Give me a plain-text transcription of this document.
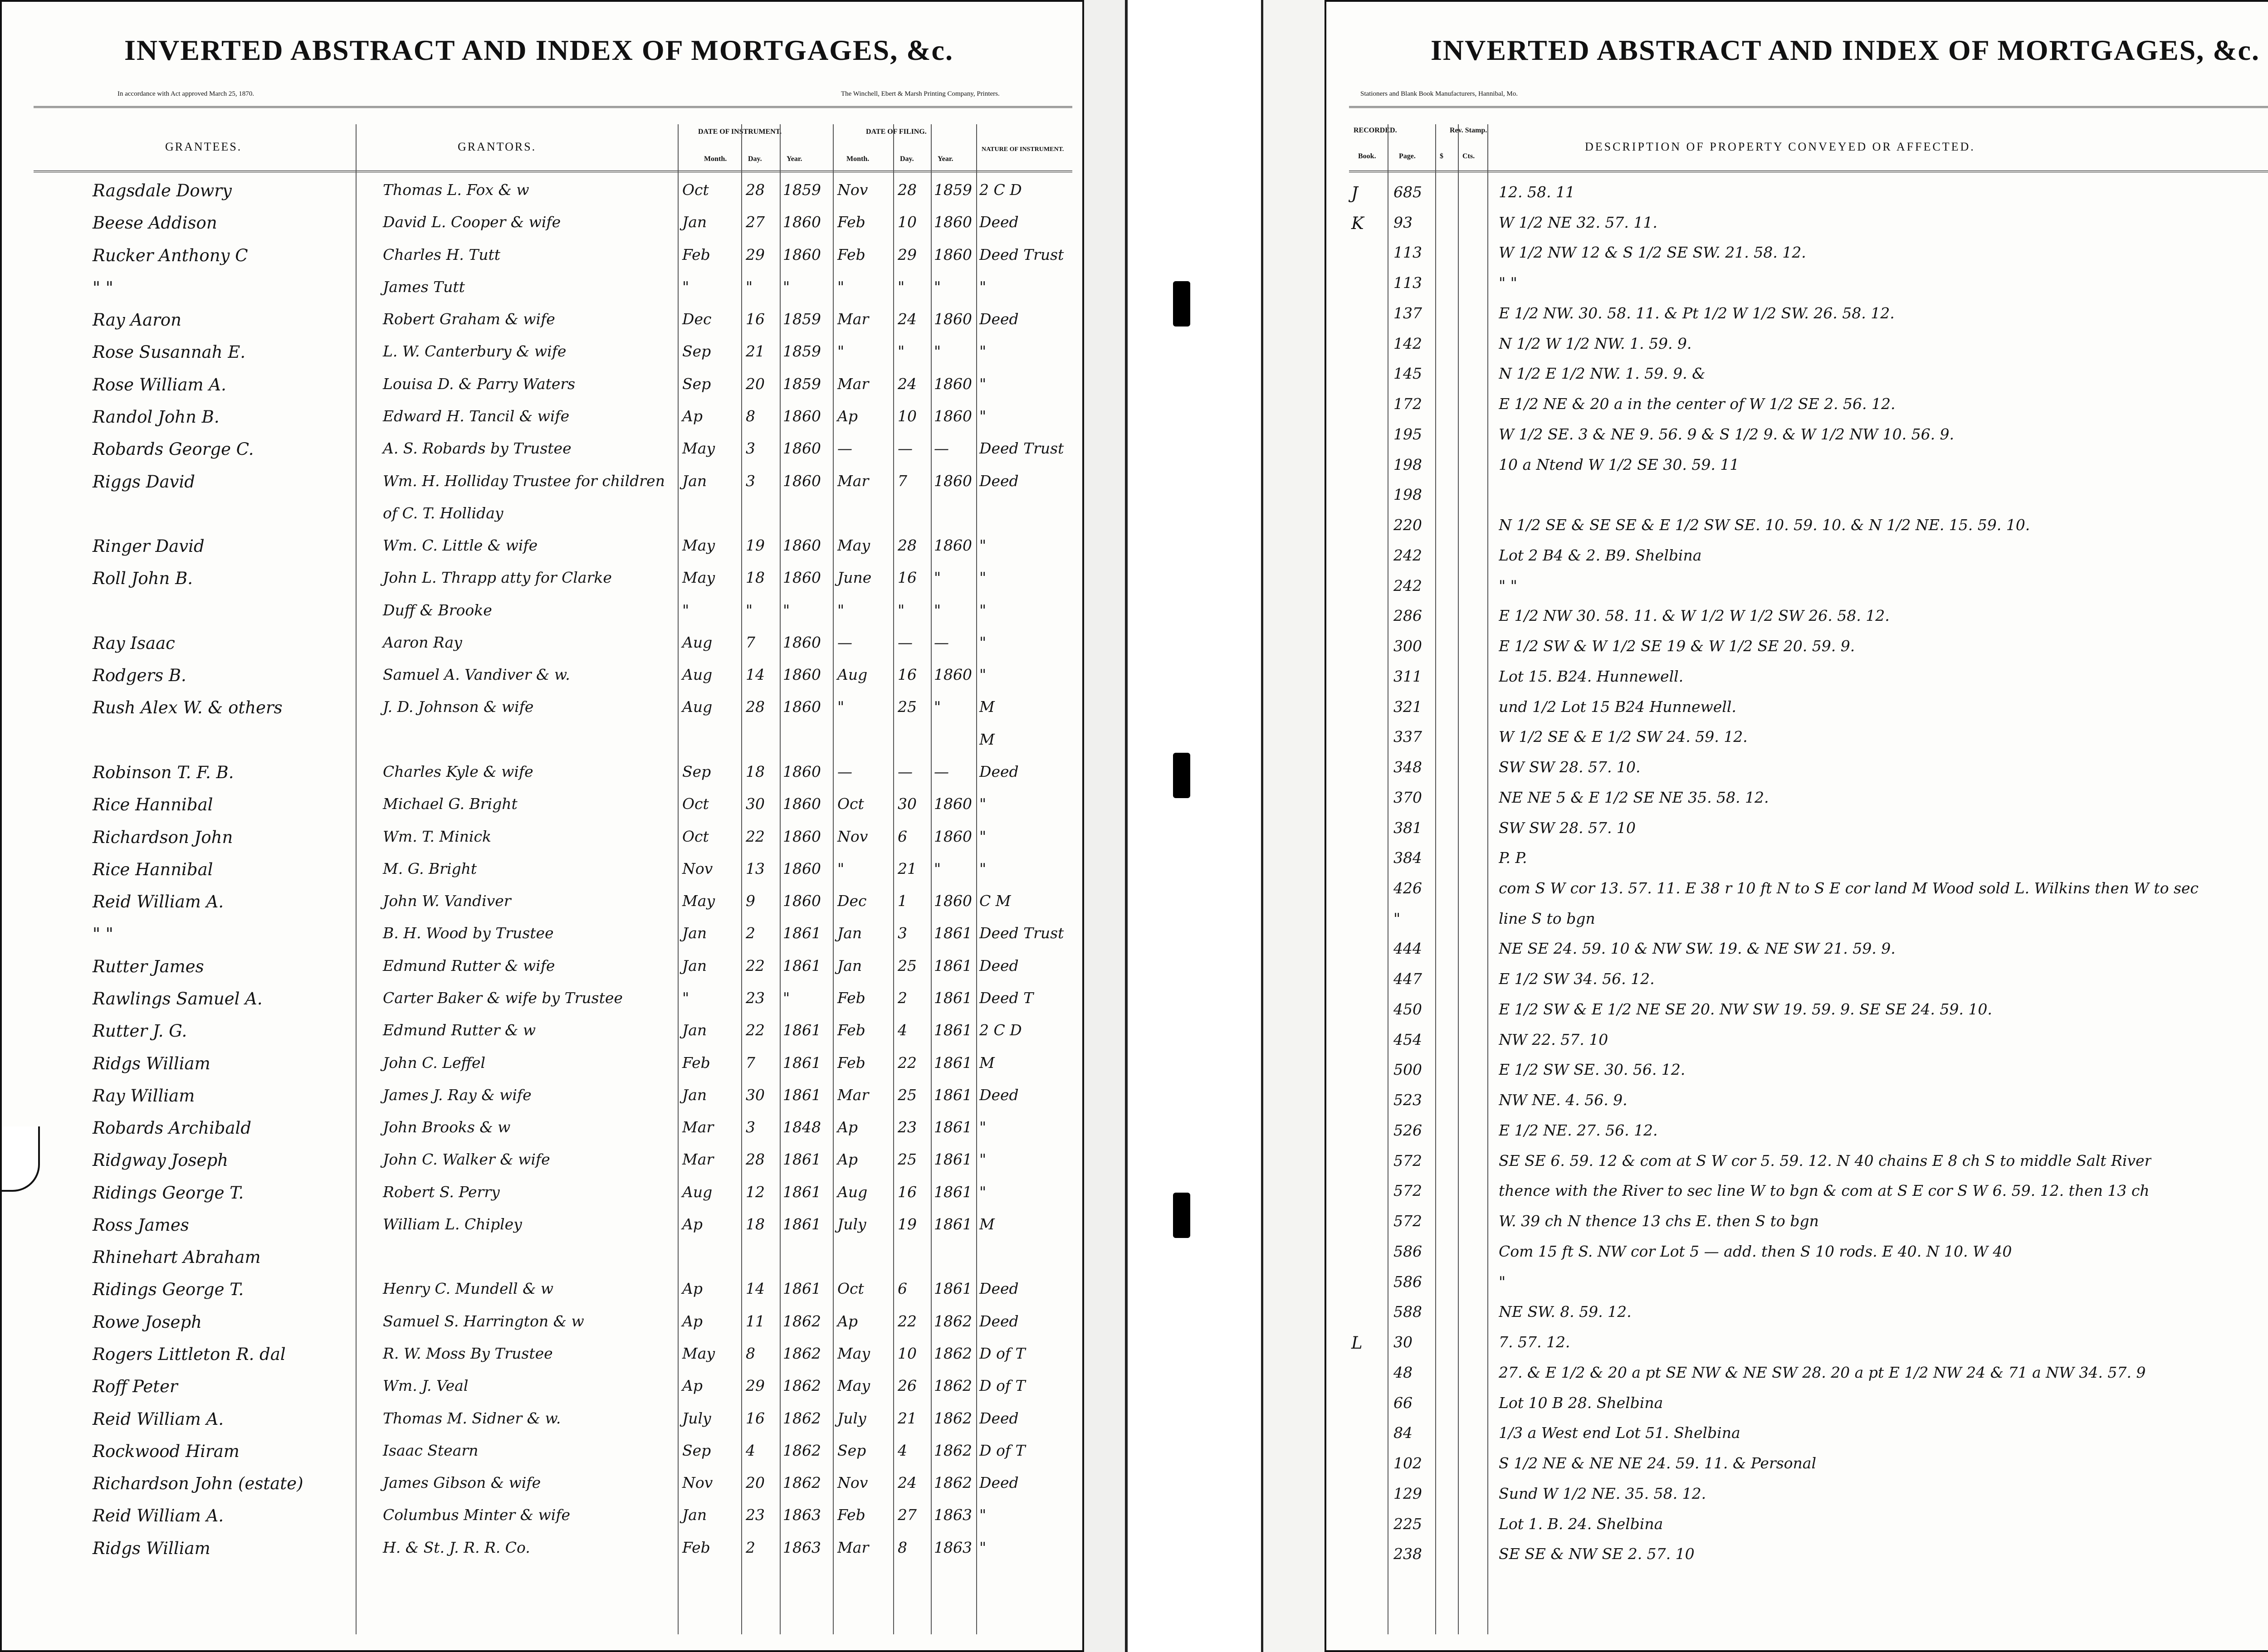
INVERTED ABSTRACT AND INDEX OF MORTGAGES, &c.
In accordance with Act approved March 25, 1870.	The Winchell, Ebert & Marsh Printing Company, Printers.
GRANTEES.	GRANTORS.
DATE OF INSTRUMENT.	DATE OF FILING.
Month.	Day.	Year.	Month.	Day.	Year.
NATURE OF INSTRUMENT.
Ragsdale Dowry	Thomas L. Fox & w	Oct 28 1859 Nov 28 1859 2 C D
Beese Addison	David L. Cooper & wife	Jan	27 1860 Feb 10 1860 Deed
Rucker Anthony C	Charles H. Tutt	Feb 29 1860 Feb 29 1860 Deed Trust
" "	James Tutt	"	" "	"	" "	"
Ray Aaron	Robert Graham & wife	Dec 16 1859 Mar 24 1860 Deed
Rose Susannah E.	L. W. Canterbury & wife	Sep 21 1859 "	" "	"
Rose William A.	Louisa D. & Parry Waters	Sep 20 1859 Mar 24 1860 "
Randol John B.	Edward H. Tancil & wife	Ap	8 1860 Ap	10 1860 "
Robards George C.	A. S. Robards by Trustee	May 3 1860 —	— — Deed Trust
Riggs David	Wm. H. Holliday Trustee for children Jan	3 1860 Mar 7 1860 Deed
of C. T. Holliday
Ringer David	Wm. C. Little & wife	May 19 1860 May 28 1860 "
Roll John B.	John L. Thrapp atty for Clarke	May 18 1860 June 16 "	"
Duff & Brooke	"	" "	"	" "	"
Ray Isaac	Aaron Ray	Aug 7 1860 —	— — "
Rodgers B.	Samuel A. Vandiver & w.	Aug 14 1860 Aug 16 1860 "
Rush Alex W. & others	J. D. Johnson & wife	Aug 28 1860 "	25 "	M
M
Robinson T. F. B.	Charles Kyle & wife	Sep 18 1860 —	— — Deed
Rice Hannibal	Michael G. Bright	Oct 30 1860 Oct 30 1860 "
Richardson John	Wm. T. Minick	Oct 22 1860 Nov 6 1860 "
Rice Hannibal	M. G. Bright	Nov 13 1860 "	21 "	"
Reid William A.	John W. Vandiver	May 9 1860 Dec 1 1860 C M
" "	B. H. Wood by Trustee	Jan	2 1861 Jan 3 1861 Deed Trust
Rutter James	Edmund Rutter & wife	Jan	22 1861 Jan 25 1861 Deed
Rawlings Samuel A.	Carter Baker & wife by Trustee	"	23 "	Feb 2 1861 Deed T
Rutter J. G.	Edmund Rutter & w	Jan	22 1861 Feb 4 1861 2 C D
Ridgs William	John C. Leffel	Feb 7 1861 Feb 22 1861 M
Ray William	James J. Ray & wife	Jan	30 1861 Mar 25 1861 Deed
Robards Archibald	John Brooks & w	Mar 3 1848 Ap	23 1861 "
Ridgway Joseph	John C. Walker & wife	Mar 28 1861 Ap	25 1861 "
Ridings George T.	Robert S. Perry	Aug 12 1861 Aug 16 1861 "
Ross James	William L. Chipley	Ap	18 1861 July 19 1861 M
Rhinehart Abraham
Ridings George T.	Henry C. Mundell & w	Ap	14 1861 Oct 6 1861 Deed
Rowe Joseph	Samuel S. Harrington & w	Ap	11 1862 Ap	22 1862 Deed
Rogers Littleton R. dal	R. W. Moss By Trustee	May 8 1862 May 10 1862 D of T
Roff Peter	Wm. J. Veal	Ap	29 1862 May 26 1862 D of T
Reid William A.	Thomas M. Sidner & w.	July 16 1862 July 21 1862 Deed
Rockwood Hiram	Isaac Stearn	Sep 4 1862 Sep 4 1862 D of T
Richardson John (estate)	James Gibson & wife	Nov 20 1862 Nov 24 1862 Deed
Reid William A.	Columbus Minter & wife	Jan	23 1863 Feb 27 1863 "
Ridgs William	H. & St. J. R. R. Co.	Feb 2 1863 Mar 8 1863 "
INVERTED ABSTRACT AND INDEX OF MORTGAGES, &c.
Stationers and Blank Book Manufacturers, Hannibal, Mo.
RECORDED.	Rev. Stamp.
Book.	Page.	$	Cts.
DESCRIPTION OF PROPERTY CONVEYED OR AFFECTED.
J 685	12. 58. 11
K 93	W 1/2 NE 32. 57. 11.
113	W 1/2 NW 12 & S 1/2 SE SW. 21. 58. 12.
113	" "
137	E 1/2 NW. 30. 58. 11. & Pt 1/2 W 1/2 SW. 26. 58. 12.
142	N 1/2 W 1/2 NW. 1. 59. 9.
145	N 1/2 E 1/2 NW. 1. 59. 9. &
172	E 1/2 NE & 20 a in the center of W 1/2 SE 2. 56. 12.
195	W 1/2 SE. 3 & NE 9. 56. 9 & S 1/2 9. & W 1/2 NW 10. 56. 9.
198	10 a Ntend W 1/2 SE 30. 59. 11
198
220	N 1/2 SE & SE SE & E 1/2 SW SE. 10. 59. 10. & N 1/2 NE. 15. 59. 10.
242	Lot 2 B4 & 2. B9. Shelbina
242	" "
286	E 1/2 NW 30. 58. 11. & W 1/2 W 1/2 SW 26. 58. 12.
300	E 1/2 SW & W 1/2 SE 19 & W 1/2 SE 20. 59. 9.
311	Lot 15. B24. Hunnewell.
321	und 1/2 Lot 15 B24 Hunnewell.
337	W 1/2 SE & E 1/2 SW 24. 59. 12.
348	SW SW 28. 57. 10.
370	NE NE 5 & E 1/2 SE NE 35. 58. 12.
381	SW SW 28. 57. 10
384	P. P.
426	com S W cor 13. 57. 11. E 38 r 10 ft N to S E cor land M Wood sold L. Wilkins then W to sec
"	line S to bgn
444	NE SE 24. 59. 10 & NW SW. 19. & NE SW 21. 59. 9.
447	E 1/2 SW 34. 56. 12.
450	E 1/2 SW & E 1/2 NE SE 20. NW SW 19. 59. 9. SE SE 24. 59. 10.
454	NW 22. 57. 10
500	E 1/2 SW SE. 30. 56. 12.
523	NW NE. 4. 56. 9.
526	E 1/2 NE. 27. 56. 12.
572	SE SE 6. 59. 12 & com at S W cor 5. 59. 12. N 40 chains E 8 ch S to middle Salt River
572	thence with the River to sec line W to bgn & com at S E cor S W 6. 59. 12. then 13 ch
572	W. 39 ch N thence 13 chs E. then S to bgn
586	Com 15 ft S. NW cor Lot 5 — add. then S 10 rods. E 40. N 10. W 40
586	"
588	NE SW. 8. 59. 12.
L 30	7. 57. 12.
48	27. & E 1/2 & 20 a pt SE NW & NE SW 28. 20 a pt E 1/2 NW 24 & 71 a NW 34. 57. 9
66	Lot 10 B 28. Shelbina
84	1/3 a West end Lot 51. Shelbina
102	S 1/2 NE & NE NE 24. 59. 11. & Personal
129	Sund W 1/2 NE. 35. 58. 12.
225	Lot 1. B. 24. Shelbina
238	SE SE & NW SE 2. 57. 10
